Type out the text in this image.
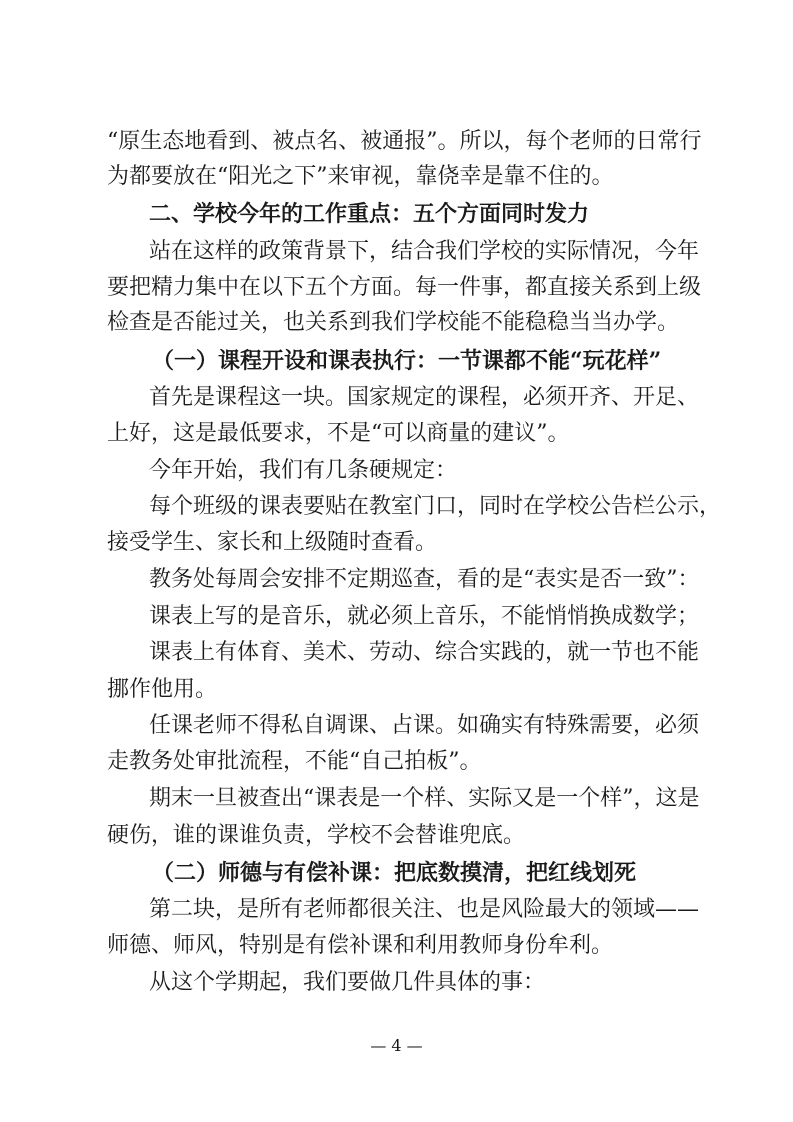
“原生态地看到、被点名、被通报”。所以，每个老师的日常行
为都要放在“阳光之下”来审视，靠侥幸是靠不住的。
二、学校今年的工作重点：五个方面同时发力
站在这样的政策背景下，结合我们学校的实际情况，今年
要把精力集中在以下五个方面。每一件事，都直接关系到上级
检查是否能过关，也关系到我们学校能不能稳稳当当办学。
（一）课程开设和课表执行：一节课都不能“玩花样”
首先是课程这一块。国家规定的课程，必须开齐、开足、
上好，这是最低要求，不是“可以商量的建议”。
今年开始，我们有几条硬规定：
每个班级的课表要贴在教室门口，同时在学校公告栏公示，
接受学生、家长和上级随时查看。
教务处每周会安排不定期巡查，看的是“表实是否一致”：
课表上写的是音乐，就必须上音乐，不能悄悄换成数学；
课表上有体育、美术、劳动、综合实践的，就一节也不能
挪作他用。
任课老师不得私自调课、占课。如确实有特殊需要，必须
走教务处审批流程，不能“自己拍板”。
期末一旦被查出“课表是一个样、实际又是一个样”，这是
硬伤，谁的课谁负责，学校不会替谁兜底。
（二）师德与有偿补课：把底数摸清，把红线划死
第二块，是所有老师都很关注、也是风险最大的领域——
师德、师风，特别是有偿补课和利用教师身份牟利。
从这个学期起，我们要做几件具体的事：
— 4 —
